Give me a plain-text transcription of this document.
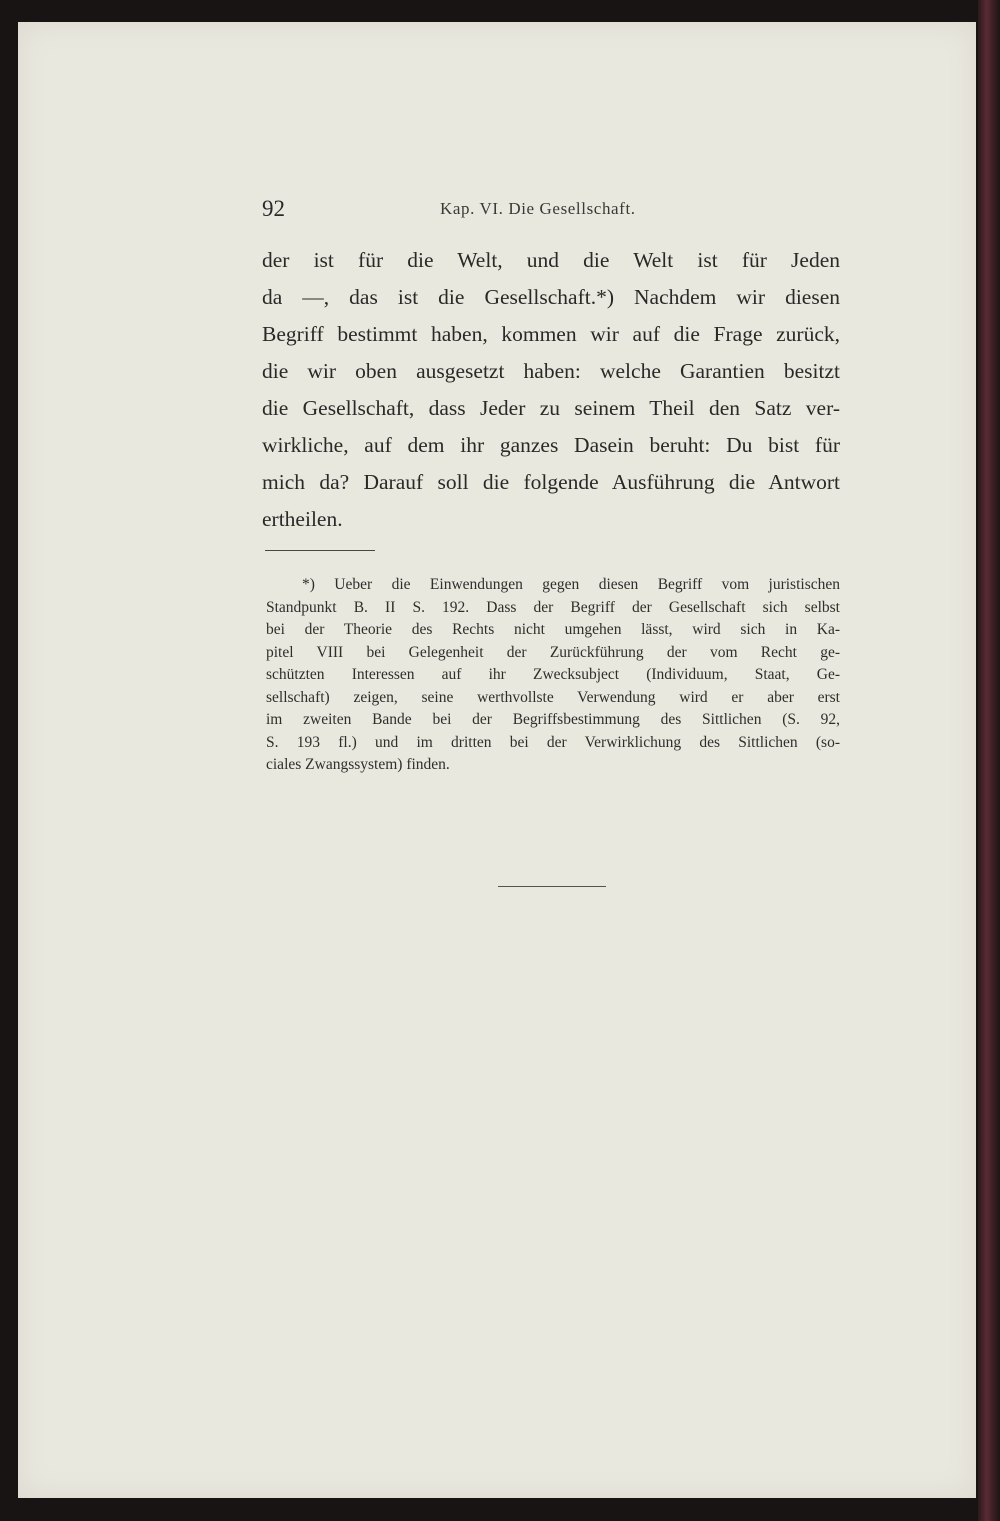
92	Kap. VI. Die Gesellschaft.
der ist für die Welt, und die Welt ist für Jeden
da —, das ist die Gesellschaft.*) Nachdem wir diesen
Begriff bestimmt haben, kommen wir auf die Frage zurück,
die wir oben ausgesetzt haben: welche Garantien besitzt
die Gesellschaft, dass Jeder zu seinem Theil den Satz ver-
wirkliche, auf dem ihr ganzes Dasein beruht: Du bist für
mich da? Darauf soll die folgende Ausführung die Antwort
ertheilen.
*) Ueber die Einwendungen gegen diesen Begriff vom juristischen
Standpunkt B. II S. 192. Dass der Begriff der Gesellschaft sich selbst
bei der Theorie des Rechts nicht umgehen lässt, wird sich in Ka-
pitel VIII bei Gelegenheit der Zurückführung der vom Recht ge-
schützten Interessen auf ihr Zwecksubject (Individuum, Staat, Ge-
sellschaft) zeigen, seine werthvollste Verwendung wird er aber erst
im zweiten Bande bei der Begriffsbestimmung des Sittlichen (S. 92,
S. 193 fl.) und im dritten bei der Verwirklichung des Sittlichen (so-
ciales Zwangssystem) finden.
